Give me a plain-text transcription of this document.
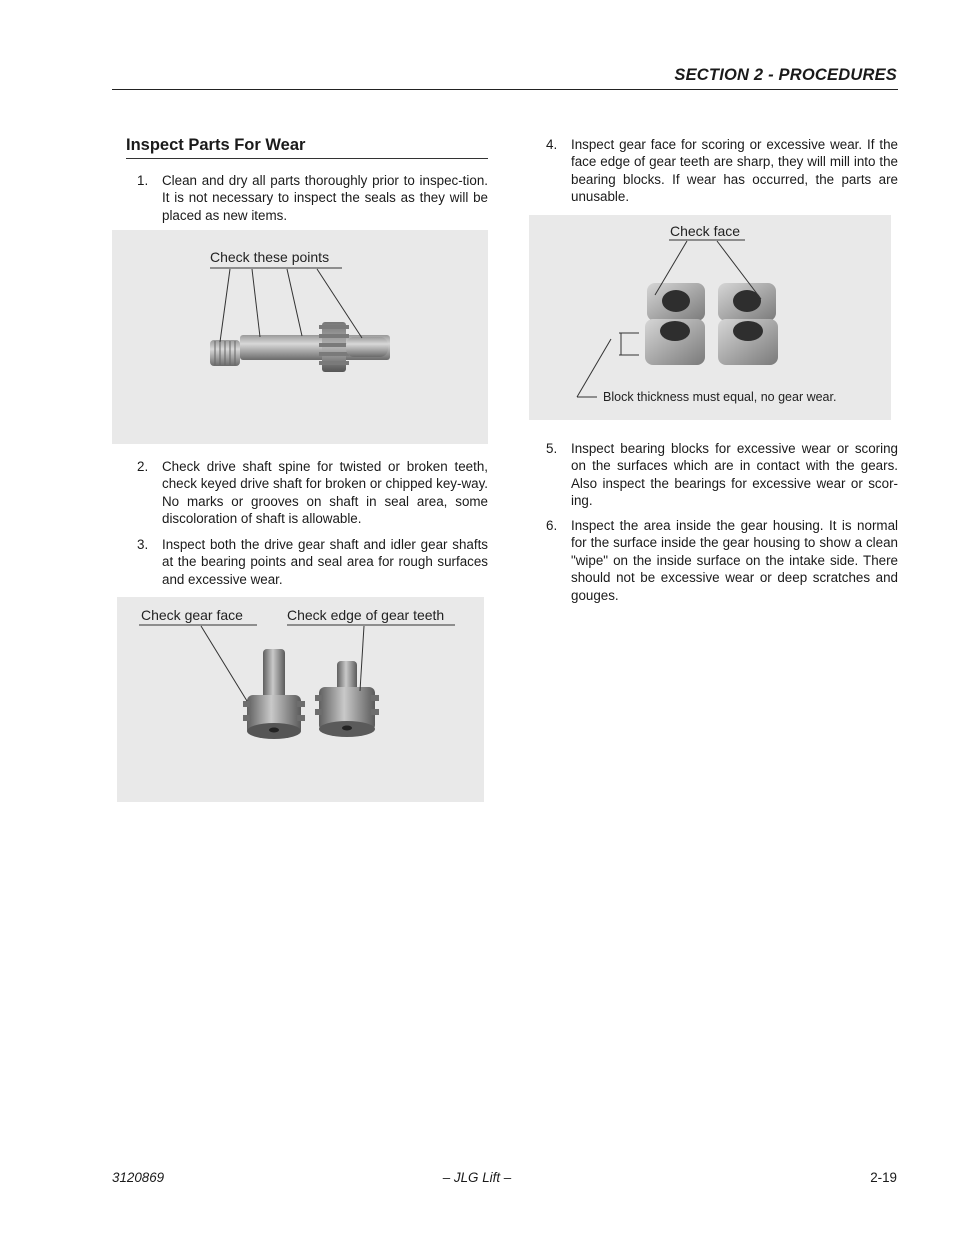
SECTION 2 - PROCEDURES
Inspect Parts For Wear
1. Clean and dry all parts thoroughly prior to inspec-tion. It is not necessary to inspect the seals as they will be placed as new items.
Check these points
2. Check drive shaft spine for twisted or broken teeth, check keyed drive shaft for broken or chipped key-way. No marks or grooves on shaft in seal area, some discoloration of shaft is allowable.
3. Inspect both the drive gear shaft and idler gear shafts at the bearing points and seal area for rough surfaces and excessive wear.
Check gear face	Check edge of gear teeth
4. Inspect gear face for scoring or excessive wear. If the face edge of gear teeth are sharp, they will mill into the bearing blocks. If wear has occurred, the parts are unusable.
Check face
Block thickness must equal, no gear wear.
5. Inspect bearing blocks for excessive wear or scoring on the surfaces which are in contact with the gears. Also inspect the bearings for excessive wear or scor-ing.
6. Inspect the area inside the gear housing. It is normal for the surface inside the gear housing to show a clean "wipe" on the inside surface on the intake side. There should not be excessive wear or deep scratches and gouges.
– JLG Lift –
3120869	2-19
